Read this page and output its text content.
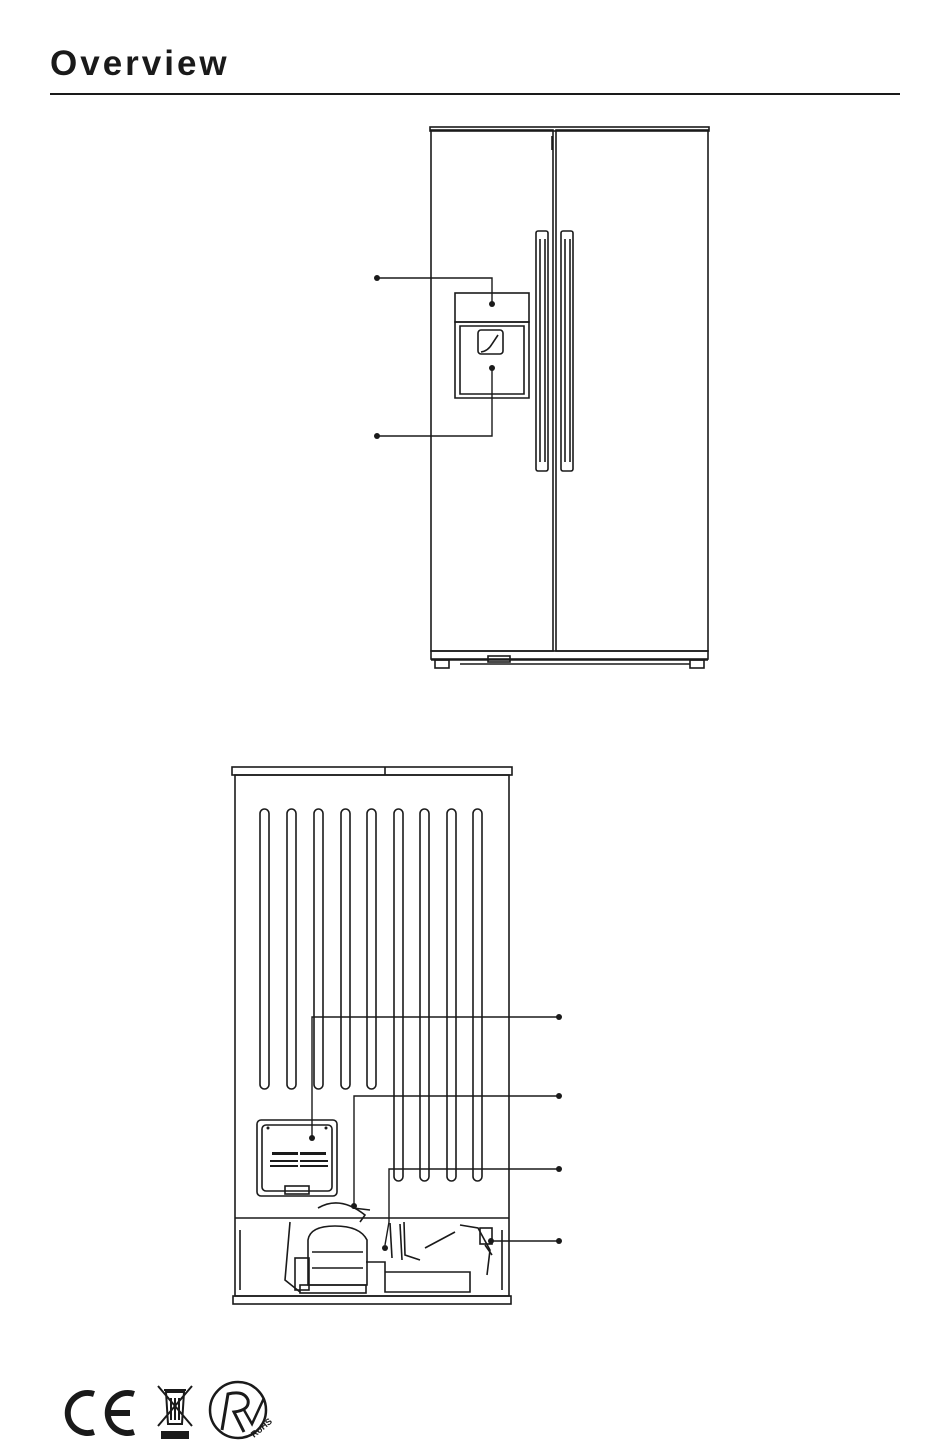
Overview
RoHS
